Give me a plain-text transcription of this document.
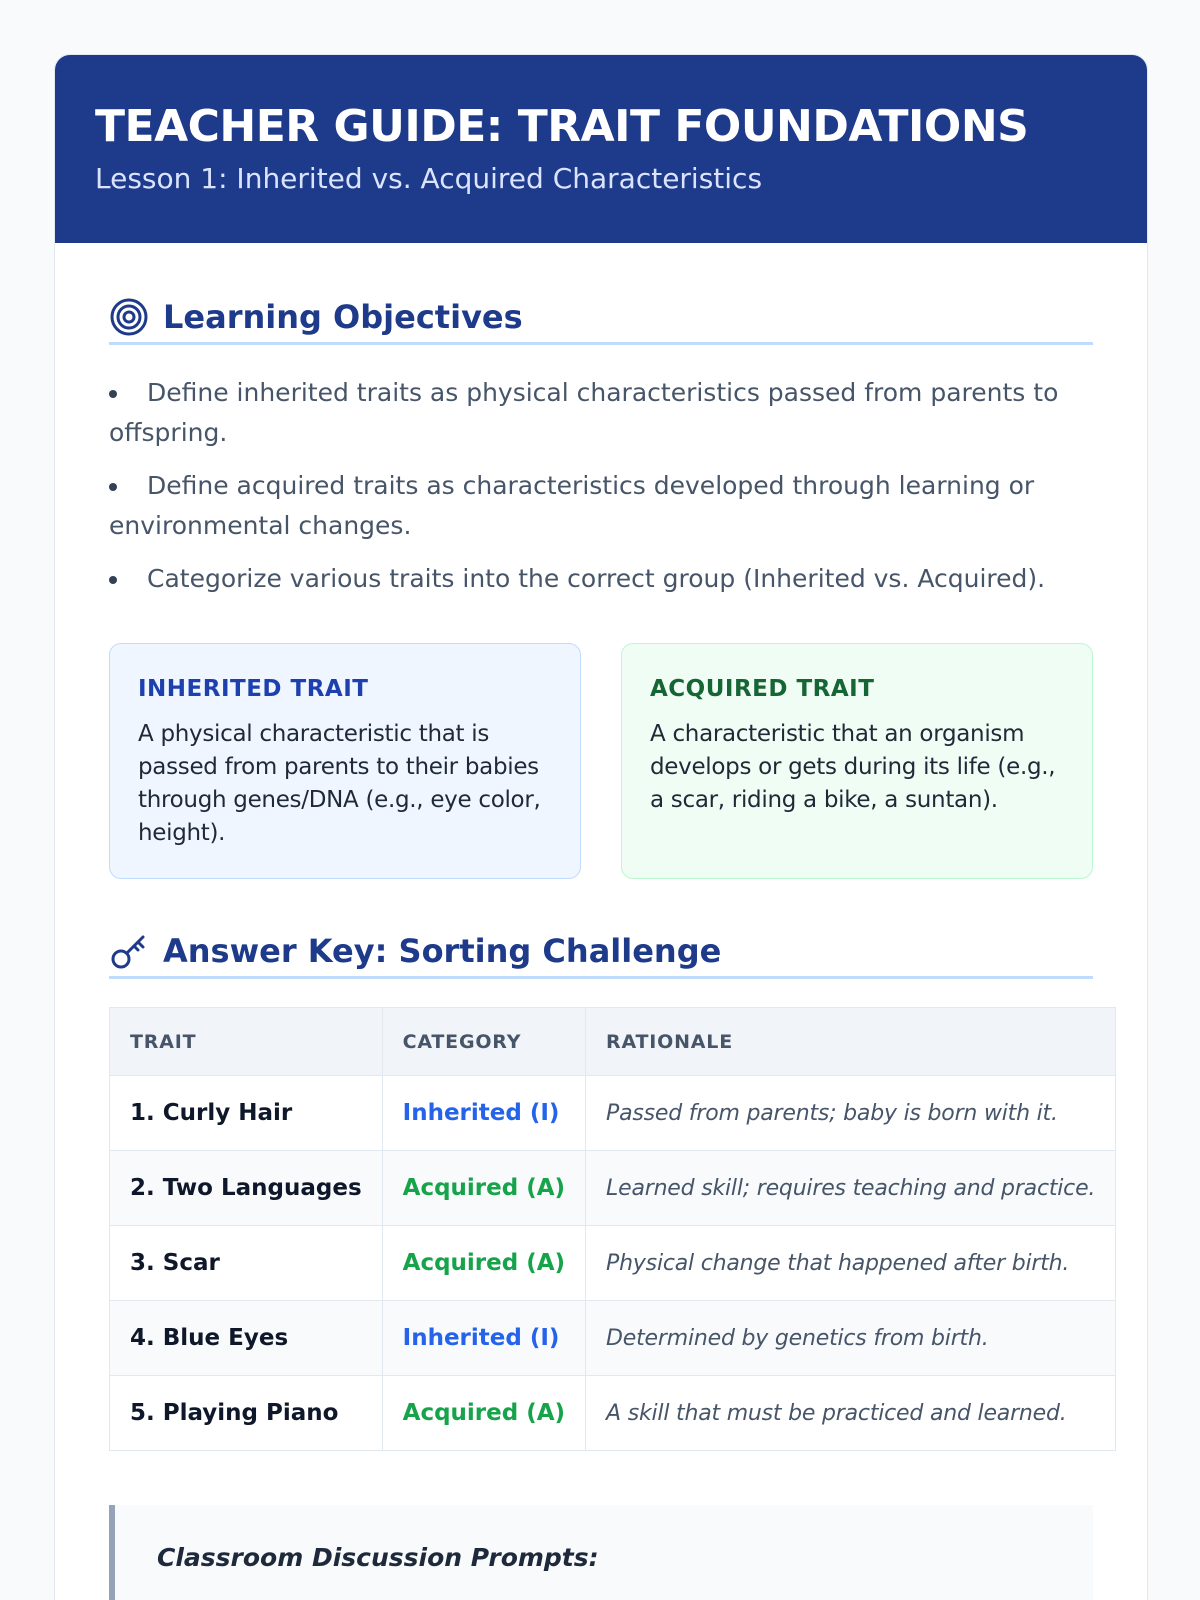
TEACHER GUIDE: TRAIT FOUNDATIONS
Lesson 1: Inherited vs. Acquired Characteristics
Learning Objectives
Define inherited traits as physical characteristics passed from parents to offspring.
Define acquired traits as characteristics developed through learning or environmental changes.
Categorize various traits into the correct group (Inherited vs. Acquired).
INHERITED TRAIT

A physical characteristic that is passed from parents to their babies through genes/DNA (e.g., eye color, height).

ACQUIRED TRAIT

A characteristic that an organism develops or gets during its life (e.g., a scar, riding a bike, a suntan).

Answer Key: Sorting Challenge
TRAIT	CATEGORY	RATIONALE
1. Curly Hair	Inherited (I)	Passed from parents; baby is born with it.
2. Two Languages	Acquired (A)	Learned skill; requires teaching and practice.
3. Scar	Acquired (A)	Physical change that happened after birth.
4. Blue Eyes	Inherited (I)	Determined by genetics from birth.
5. Playing Piano	Acquired (A)	A skill that must be practiced and learned.
Classroom Discussion Prompts:
